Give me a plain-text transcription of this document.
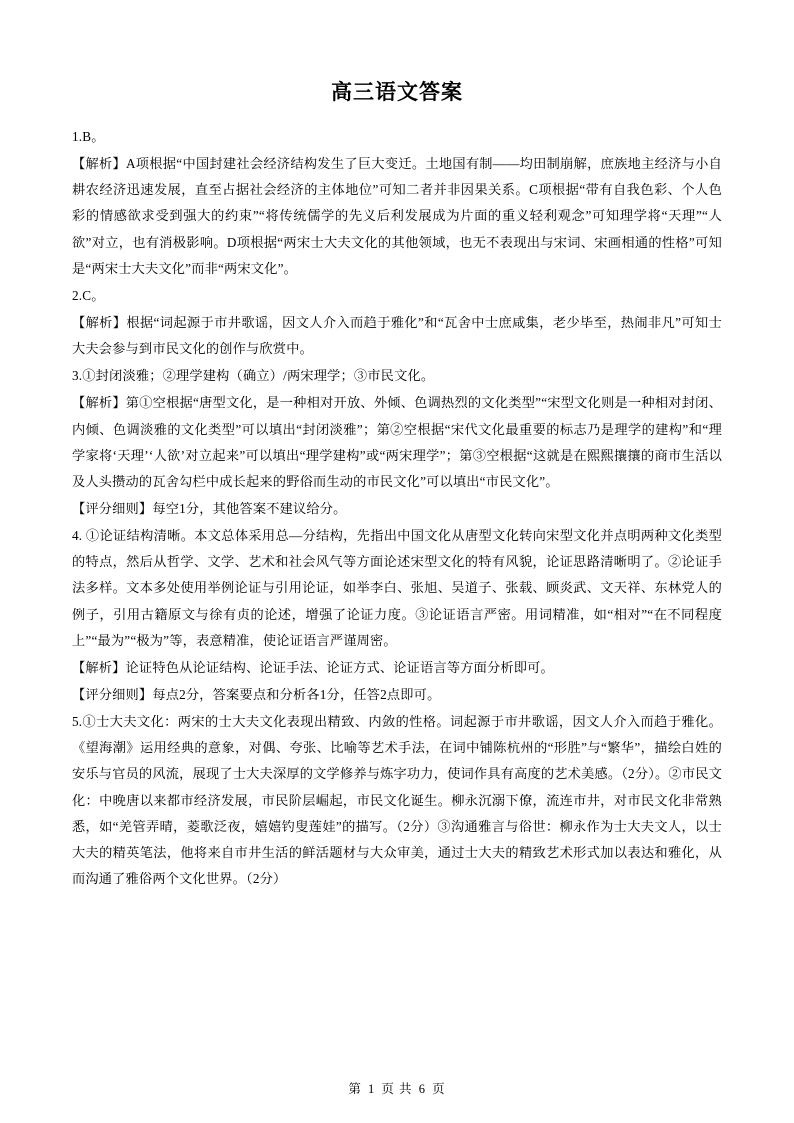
高三语文答案

1.B。

【解析】A项根据“中国封建社会经济结构发生了巨大变迁。土地国有制——均田制崩解，庶族地主经济与小自耕农经济迅速发展，直至占据社会经济的主体地位”可知二者并非因果关系。C项根据“带有自我色彩、个人色彩的情感欲求受到强大的约束”“将传统儒学的先义后利发展成为片面的重义轻利观念”可知理学将“天理”“人欲”对立，也有消极影响。D项根据“两宋士大夫文化的其他领域，也无不表现出与宋词、宋画相通的性格”可知是“两宋士大夫文化”而非“两宋文化”。

2.C。

【解析】根据“词起源于市井歌谣，因文人介入而趋于雅化”和“瓦舍中士庶咸集，老少毕至，热闹非凡”可知士大夫会参与到市民文化的创作与欣赏中。

3.①封闭淡雅；②理学建构（确立）/两宋理学；③市民文化。

【解析】第①空根据“唐型文化，是一种相对开放、外倾、色调热烈的文化类型”“宋型文化则是一种相对封闭、内倾、色调淡雅的文化类型”可以填出“封闭淡雅”；第②空根据“宋代文化最重要的标志乃是理学的建构”和“理学家将‘天理’‘人欲’对立起来”可以填出“理学建构”或“两宋理学”；第③空根据“这就是在熙熙攘攘的商市生活以及人头攒动的瓦舍勾栏中成长起来的野俗而生动的市民文化”可以填出“市民文化”。

【评分细则】每空1分，其他答案不建议给分。

4. ①论证结构清晰。本文总体采用总—分结构，先指出中国文化从唐型文化转向宋型文化并点明两种文化类型的特点，然后从哲学、文学、艺术和社会风气等方面论述宋型文化的特有风貌，论证思路清晰明了。②论证手法多样。文本多处使用举例论证与引用论证，如举李白、张旭、吴道子、张载、顾炎武、文天祥、东林党人的例子，引用古籍原文与徐有贞的论述，增强了论证力度。③论证语言严密。用词精准，如“相对”“在不同程度上”“最为”“极为”等，表意精准，使论证语言严谨周密。

【解析】论证特色从论证结构、论证手法、论证方式、论证语言等方面分析即可。

【评分细则】每点2分，答案要点和分析各1分，任答2点即可。

5.①士大夫文化：两宋的士大夫文化表现出精致、内敛的性格。词起源于市井歌谣，因文人介入而趋于雅化。《望海潮》运用经典的意象，对偶、夸张、比喻等艺术手法，在词中铺陈杭州的“形胜”与“繁华”，描绘白姓的安乐与官员的风流，展现了士大夫深厚的文学修养与炼字功力，使词作具有高度的艺术美感。（2分）。②市民文化：中晚唐以来都市经济发展，市民阶层崛起，市民文化诞生。柳永沉溺下僚，流连市井，对市民文化非常熟悉，如“羌管弄晴，菱歌泛夜，嬉嬉钓叟莲娃”的描写。（2分）③沟通雅言与俗世：柳永作为士大夫文人，以士大夫的精英笔法，他将来自市井生活的鲜活题材与大众审美，通过士大夫的精致艺术形式加以表达和雅化，从而沟通了雅俗两个文化世界。（2分）

第 1 页 共 6 页
